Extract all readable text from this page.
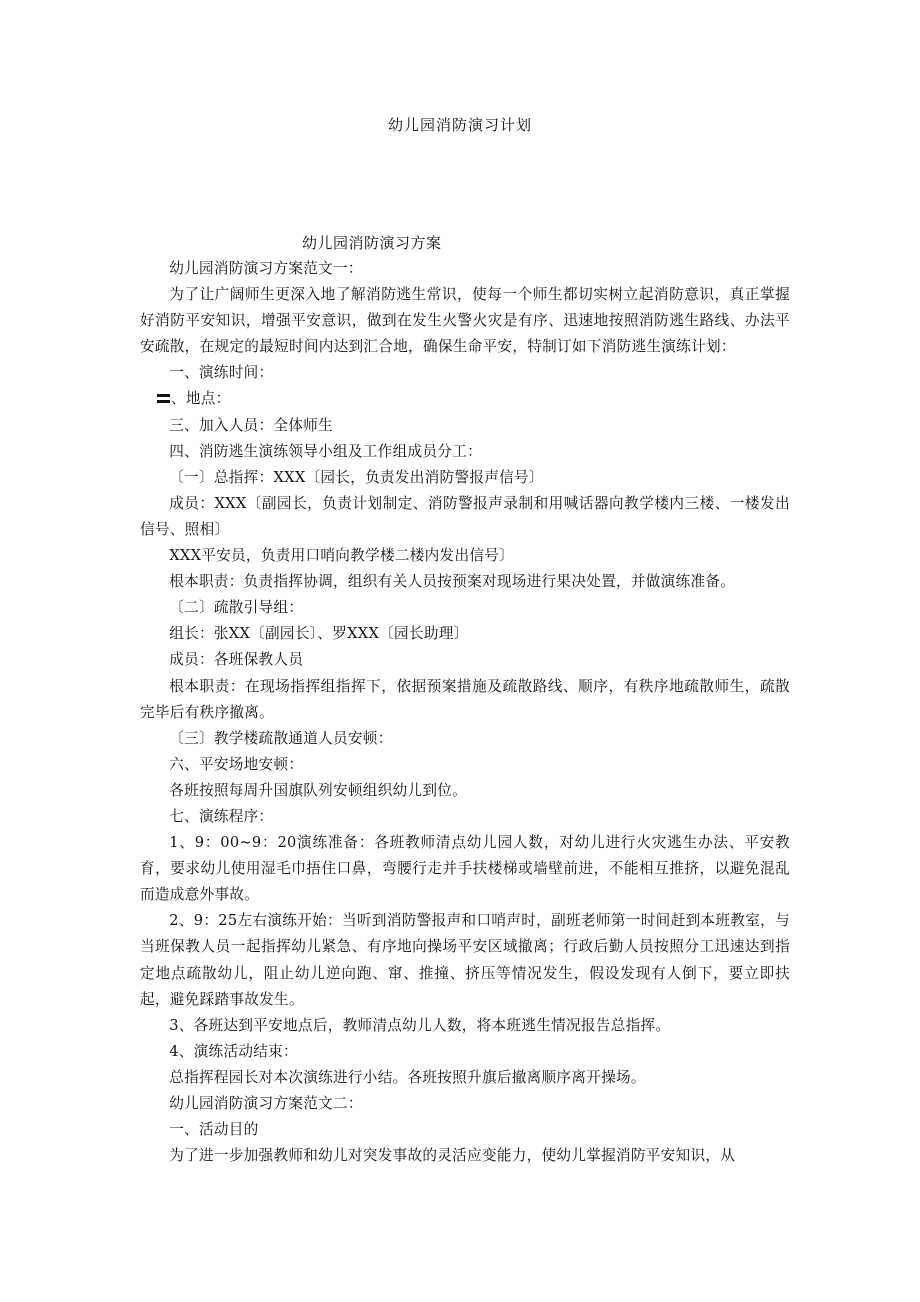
幼儿园消防演习计划
幼儿园消防演习方案

幼儿园消防演习方案范文一：

为了让广阔师生更深入地了解消防逃生常识，使每一个师生都切实树立起消防意识，真正掌握好消防平安知识，增强平安意识，做到在发生火警火灾是有序、迅速地按照消防逃生路线、办法平安疏散，在规定的最短时间内达到汇合地，确保生命平安，特制订如下消防逃生演练计划：

一、演练时间：

、地点：

三、加入人员：全体师生

四、消防逃生演练领导小组及工作组成员分工：

〔一〕总指挥：XXX〔园长，负责发出消防警报声信号〕

成员：XXX〔副园长，负责计划制定、消防警报声录制和用喊话器向教学楼内三楼、一楼发出信号、照相〕

XXX平安员，负责用口哨向教学楼二楼内发出信号〕

根本职责：负责指挥协调，组织有关人员按预案对现场进行果决处置，并做演练准备。

〔二〕疏散引导组：

组长：张XX〔副园长〕、罗XXX〔园长助理〕

成员：各班保教人员

根本职责：在现场指挥组指挥下，依据预案措施及疏散路线、顺序，有秩序地疏散师生，疏散完毕后有秩序撤离。

〔三〕教学楼疏散通道人员安顿：

六、平安场地安顿：

各班按照每周升国旗队列安顿组织幼儿到位。

七、演练程序：

1、9：00~9：20演练准备：各班教师清点幼儿园人数，对幼儿进行火灾逃生办法、平安教育，要求幼儿使用湿毛巾捂住口鼻，弯腰行走并手扶楼梯或墙壁前进，不能相互推挤，以避免混乱而造成意外事故。

2、9：25左右演练开始：当听到消防警报声和口哨声时，副班老师第一时间赶到本班教室，与当班保教人员一起指挥幼儿紧急、有序地向操场平安区域撤离；行政后勤人员按照分工迅速达到指定地点疏散幼儿，阻止幼儿逆向跑、窜、推撞、挤压等情况发生，假设发现有人倒下，要立即扶起，避免踩踏事故发生。

3、各班达到平安地点后，教师清点幼儿人数，将本班逃生情况报告总指挥。

4、演练活动结束：

总指挥程园长对本次演练进行小结。各班按照升旗后撤离顺序离开操场。

幼儿园消防演习方案范文二：

一、活动目的

为了进一步加强教师和幼儿对突发事故的灵活应变能力，使幼儿掌握消防平安知识，从
